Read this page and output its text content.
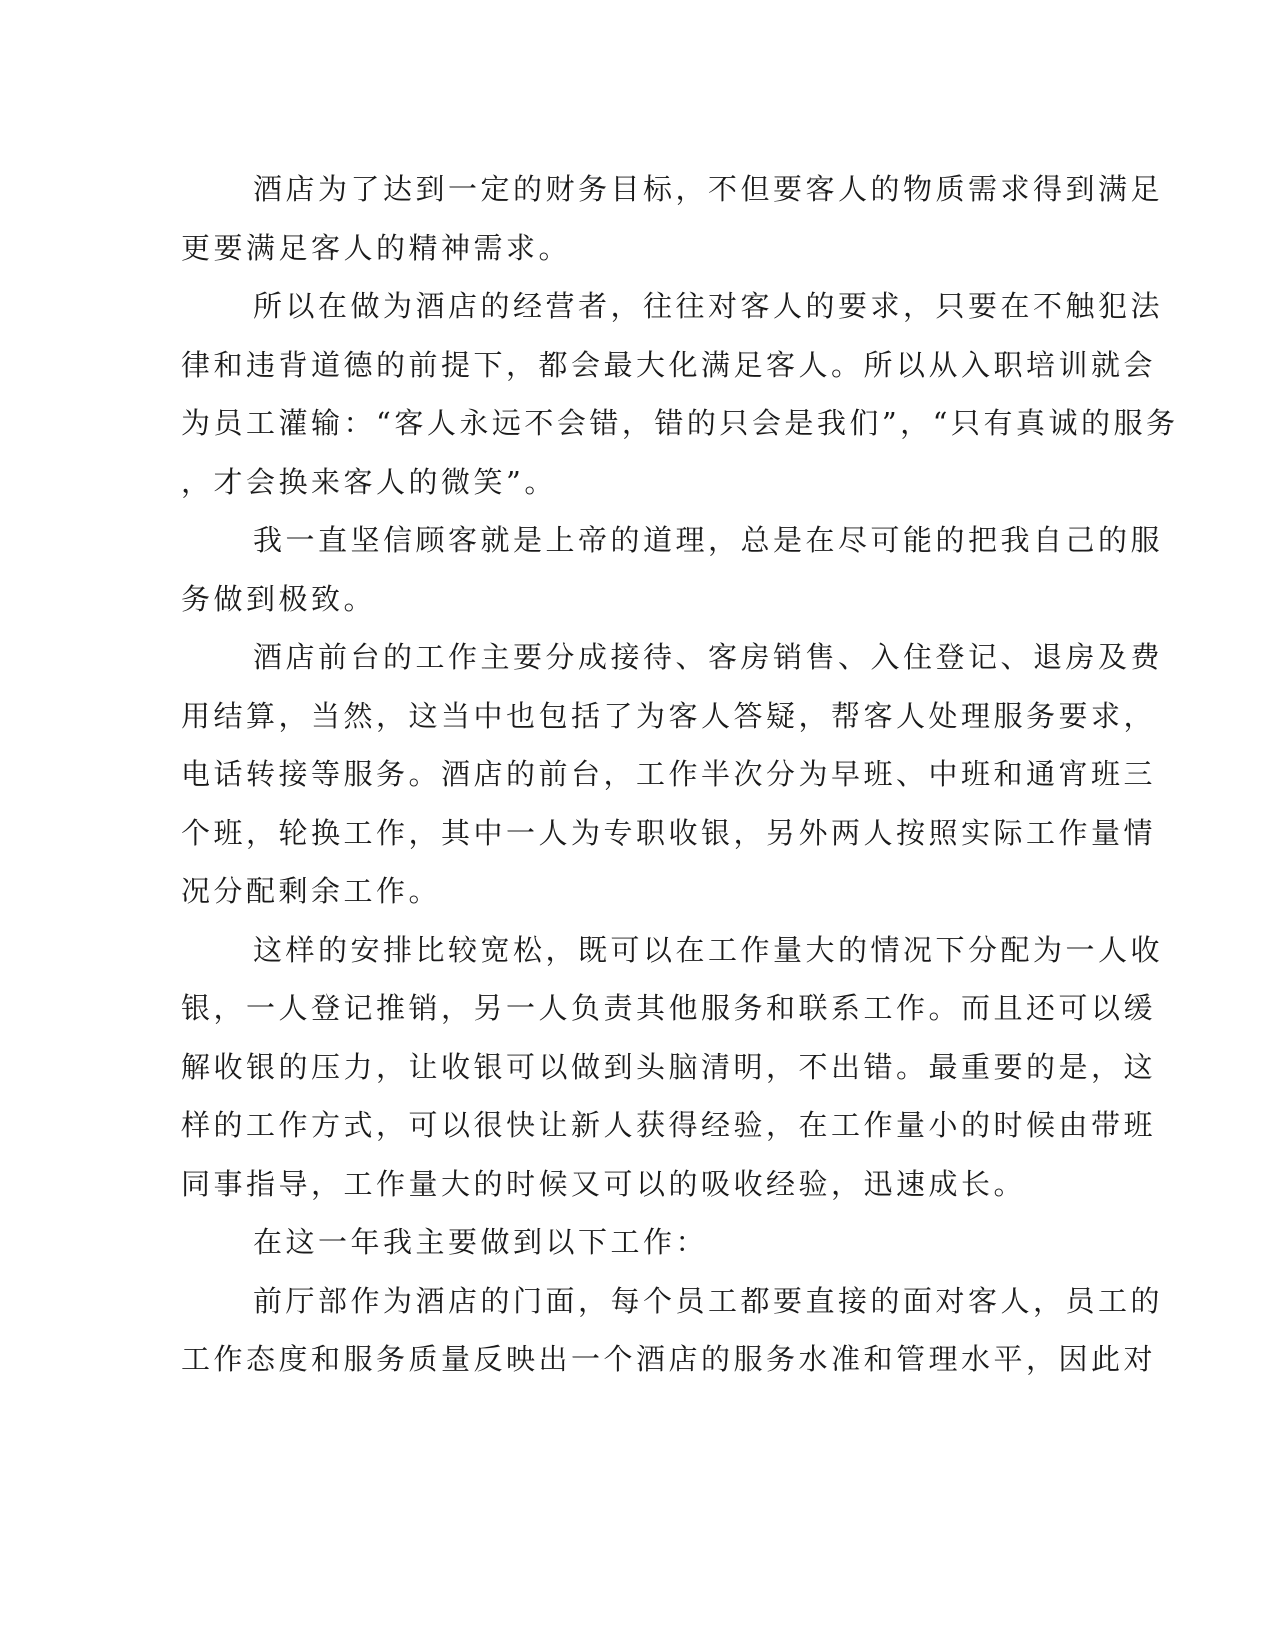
酒店为了达到一定的财务目标，不但要客人的物质需求得到满足
更要满足客人的精神需求。
所以在做为酒店的经营者，往往对客人的要求，只要在不触犯法
律和违背道德的前提下，都会最大化满足客人。所以从入职培训就会
为员工灌输：“客人永远不会错，错的只会是我们”，“只有真诚的服务
，才会换来客人的微笑”。
我一直坚信顾客就是上帝的道理，总是在尽可能的把我自己的服
务做到极致。
酒店前台的工作主要分成接待、客房销售、入住登记、退房及费
用结算，当然，这当中也包括了为客人答疑，帮客人处理服务要求，
电话转接等服务。酒店的前台，工作半次分为早班、中班和通宵班三
个班，轮换工作，其中一人为专职收银，另外两人按照实际工作量情
况分配剩余工作。
这样的安排比较宽松，既可以在工作量大的情况下分配为一人收
银，一人登记推销，另一人负责其他服务和联系工作。而且还可以缓
解收银的压力，让收银可以做到头脑清明，不出错。最重要的是，这
样的工作方式，可以很快让新人获得经验，在工作量小的时候由带班
同事指导，工作量大的时候又可以的吸收经验，迅速成长。
在这一年我主要做到以下工作：
前厅部作为酒店的门面，每个员工都要直接的面对客人，员工的
工作态度和服务质量反映出一个酒店的服务水准和管理水平，因此对
